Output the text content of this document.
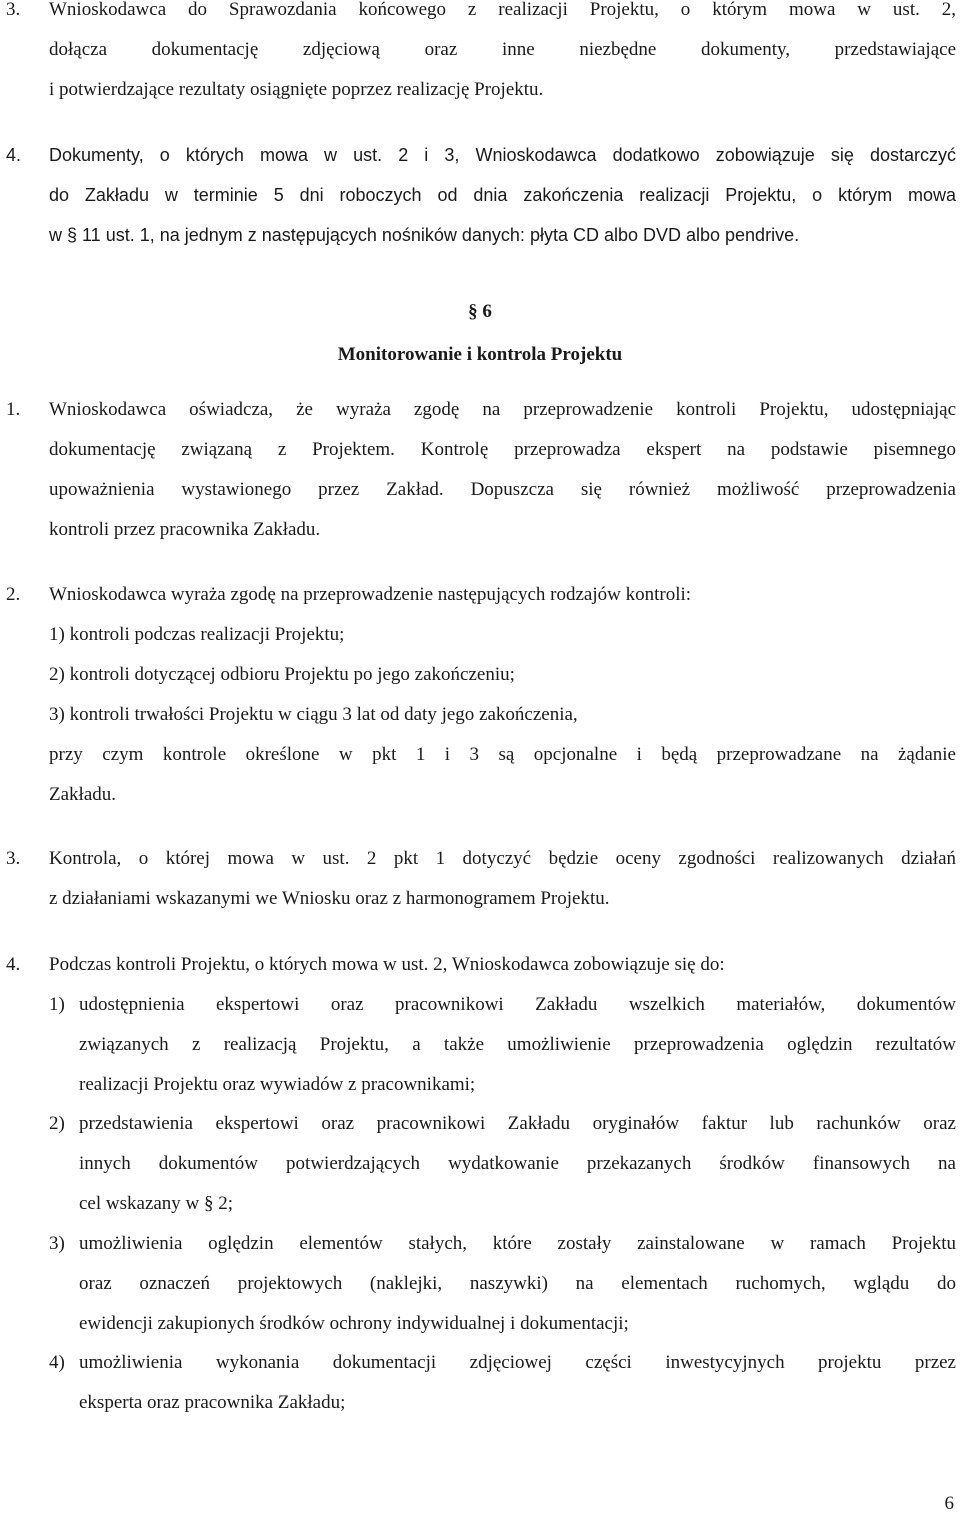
3. Wnioskodawca do Sprawozdania końcowego z realizacji Projektu, o którym mowa w ust. 2,
dołącza dokumentację zdjęciową oraz inne niezbędne dokumenty, przedstawiające
i potwierdzające rezultaty osiągnięte poprzez realizację Projektu.
4. Dokumenty, o których mowa w ust. 2 i 3, Wnioskodawca dodatkowo zobowiązuje się dostarczyć
do Zakładu w terminie 5 dni roboczych od dnia zakończenia realizacji Projektu, o którym mowa
w § 11 ust. 1, na jednym z następujących nośników danych: płyta CD albo DVD albo pendrive.
§ 6
Monitorowanie i kontrola Projektu
1. Wnioskodawca oświadcza, że wyraża zgodę na przeprowadzenie kontroli Projektu, udostępniając
dokumentację związaną z Projektem. Kontrolę przeprowadza ekspert na podstawie pisemnego
upoważnienia wystawionego przez Zakład. Dopuszcza się również możliwość przeprowadzenia
kontroli przez pracownika Zakładu.
2. Wnioskodawca wyraża zgodę na przeprowadzenie następujących rodzajów kontroli:
1) kontroli podczas realizacji Projektu;
2) kontroli dotyczącej odbioru Projektu po jego zakończeniu;
3) kontroli trwałości Projektu w ciągu 3 lat od daty jego zakończenia,
przy czym kontrole określone w pkt 1 i 3 są opcjonalne i będą przeprowadzane na żądanie
Zakładu.
3. Kontrola, o której mowa w ust. 2 pkt 1 dotyczyć będzie oceny zgodności realizowanych działań
z działaniami wskazanymi we Wniosku oraz z harmonogramem Projektu.
4. Podczas kontroli Projektu, o których mowa w ust. 2, Wnioskodawca zobowiązuje się do:
1) udostępnienia ekspertowi oraz pracownikowi Zakładu wszelkich materiałów, dokumentów
związanych z realizacją Projektu, a także umożliwienie przeprowadzenia oględzin rezultatów
realizacji Projektu oraz wywiadów z pracownikami;
2) przedstawienia ekspertowi oraz pracownikowi Zakładu oryginałów faktur lub rachunków oraz
innych dokumentów potwierdzających wydatkowanie przekazanych środków finansowych na
cel wskazany w § 2;
3) umożliwienia oględzin elementów stałych, które zostały zainstalowane w ramach Projektu
oraz oznaczeń projektowych (naklejki, naszywki) na elementach ruchomych, wglądu do
ewidencji zakupionych środków ochrony indywidualnej i dokumentacji;
4) umożliwienia wykonania dokumentacji zdjęciowej części inwestycyjnych projektu przez
eksperta oraz pracownika Zakładu;
6
